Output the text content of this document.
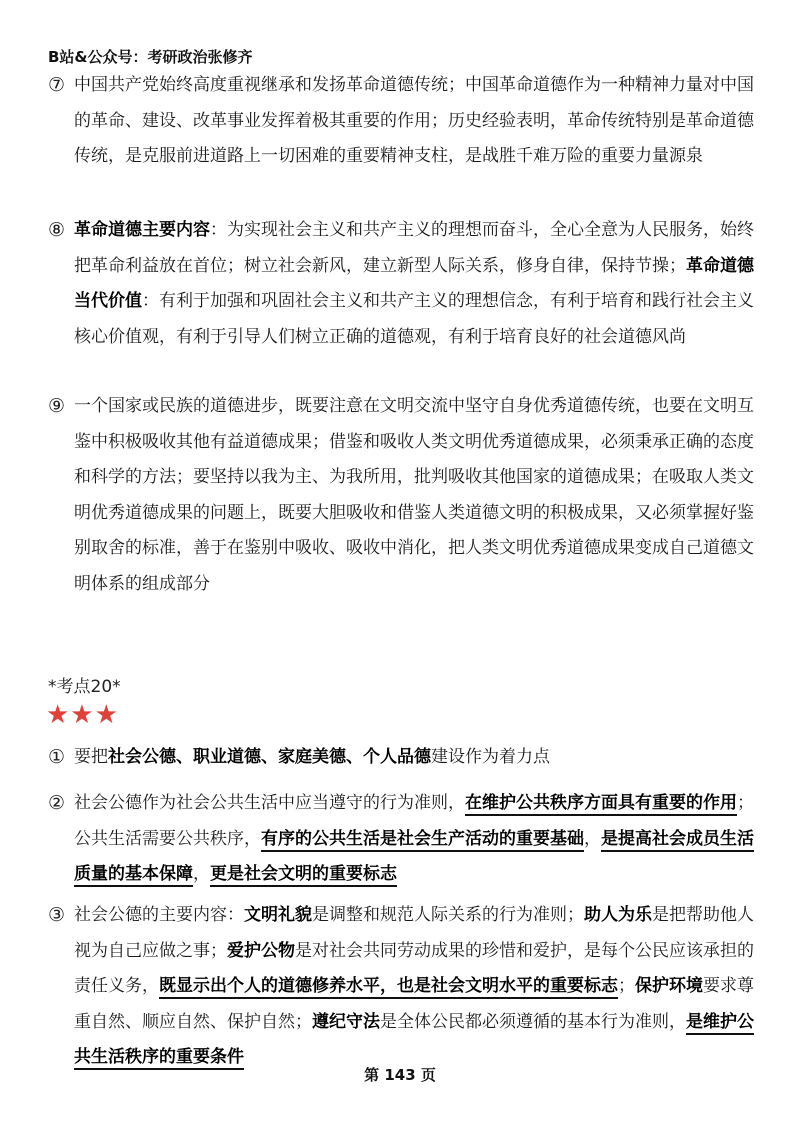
B站&公众号：考研政治张修齐
⑦ 中国共产党始终高度重视继承和发扬革命道德传统；中国革命道德作为一种精神力量对中国的革命、建设、改革事业发挥着极其重要的作用；历史经验表明，革命传统特别是革命道德传统，是克服前进道路上一切困难的重要精神支柱，是战胜千难万险的重要力量源泉
⑧ 革命道德主要内容：为实现社会主义和共产主义的理想而奋斗，全心全意为人民服务，始终把革命利益放在首位；树立社会新风，建立新型人际关系，修身自律，保持节操；革命道德当代价值：有利于加强和巩固社会主义和共产主义的理想信念，有利于培育和践行社会主义核心价值观，有利于引导人们树立正确的道德观，有利于培育良好的社会道德风尚
⑨ 一个国家或民族的道德进步，既要注意在文明交流中坚守自身优秀道德传统，也要在文明互鉴中积极吸收其他有益道德成果；借鉴和吸收人类文明优秀道德成果，必须秉承正确的态度和科学的方法；要坚持以我为主、为我所用，批判吸收其他国家的道德成果；在吸取人类文明优秀道德成果的问题上，既要大胆吸收和借鉴人类道德文明的积极成果，又必须掌握好鉴别取舍的标准，善于在鉴别中吸收、吸收中消化，把人类文明优秀道德成果变成自己道德文明体系的组成部分
*考点20*
★★★
① 要把社会公德、职业道德、家庭美德、个人品德建设作为着力点
② 社会公德作为社会公共生活中应当遵守的行为准则，在维护公共秩序方面具有重要的作用；公共生活需要公共秩序，有序的公共生活是社会生产活动的重要基础，是提高社会成员生活质量的基本保障，更是社会文明的重要标志
③ 社会公德的主要内容：文明礼貌是调整和规范人际关系的行为准则；助人为乐是把帮助他人视为自己应做之事；爱护公物是对社会共同劳动成果的珍惜和爱护，是每个公民应该承担的责任义务，既显示出个人的道德修养水平，也是社会文明水平的重要标志；保护环境要求尊重自然、顺应自然、保护自然；遵纪守法是全体公民都必须遵循的基本行为准则，是维护公共生活秩序的重要条件
第 143 页
